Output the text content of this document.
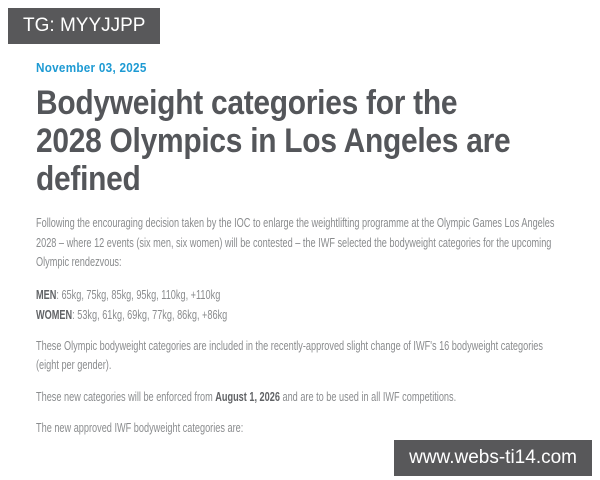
TG: MYYJJPP
November 03, 2025
Bodyweight categories for the 2028 Olympics in Los Angeles are defined

Following the encouraging decision taken by the IOC to enlarge the weightlifting programme at the Olympic Games Los Angeles 2028 – where 12 events (six men, six women) will be contested – the IWF selected the bodyweight categories for the upcoming Olympic rendezvous:

MEN: 65kg, 75kg, 85kg, 95kg, 110kg, +110kg
WOMEN: 53kg, 61kg, 69kg, 77kg, 86kg, +86kg

These Olympic bodyweight categories are included in the recently-approved slight change of IWF's 16 bodyweight categories (eight per gender).

These new categories will be enforced from August 1, 2026 and are to be used in all IWF competitions.

The new approved IWF bodyweight categories are:

www.webs-ti14.com
